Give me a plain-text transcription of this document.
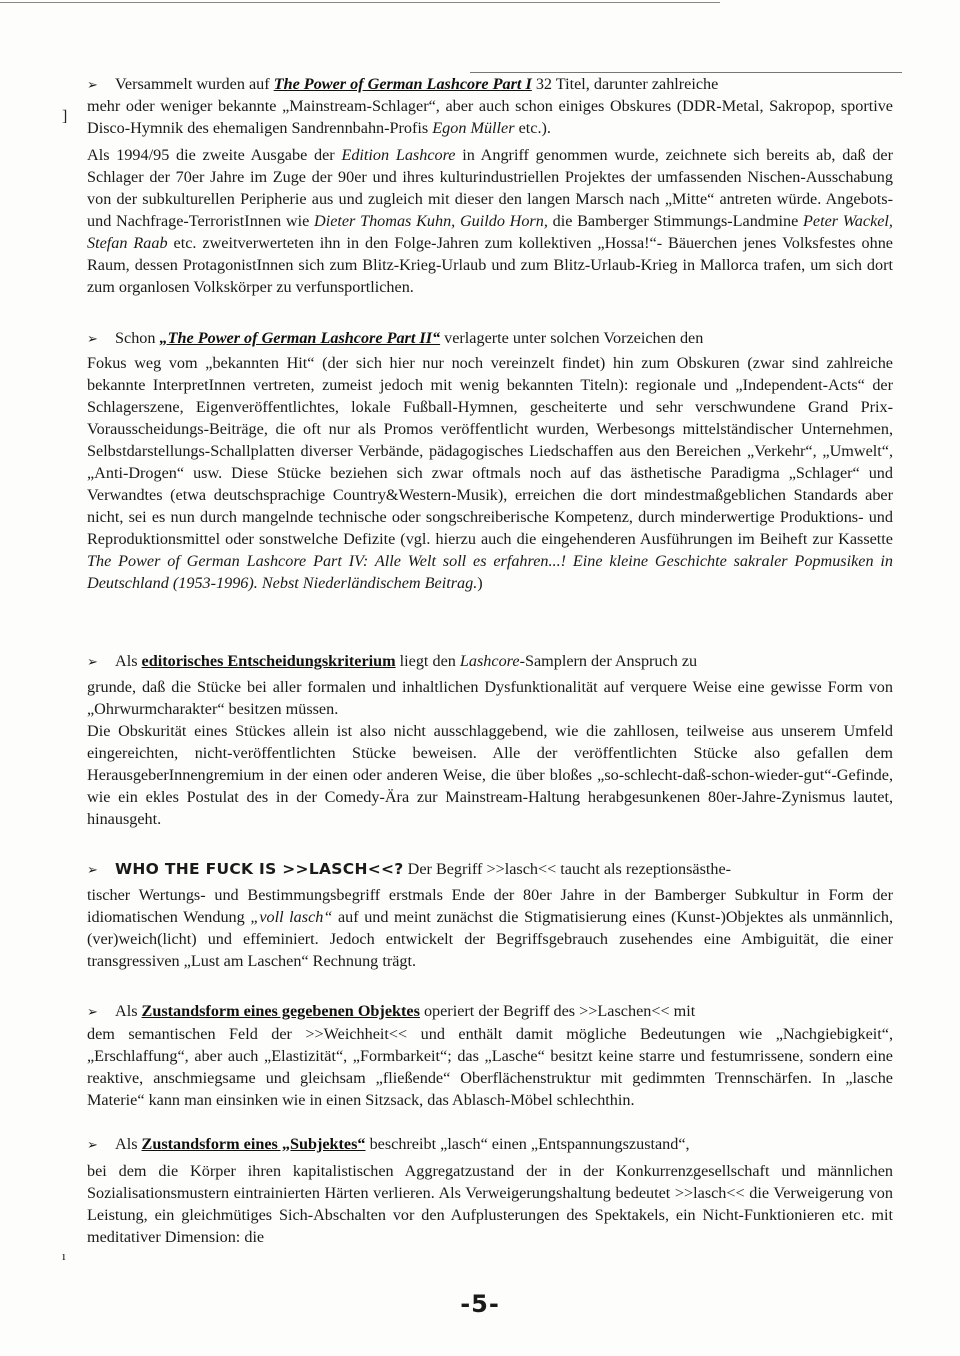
]
ı
➢ Versammelt wurden auf The Power of German Lashcore Part I 32 Titel, darunter zahlreiche
mehr oder weniger bekannte „Mainstream-Schlager“, aber auch schon einiges Obskures (DDR-Metal, Sakropop, sportive Disco-Hymnik des ehemaligen Sandrennbahn-Profis Egon Müller etc.).
Als 1994/95 die zweite Ausgabe der Edition Lashcore in Angriff genommen wurde, zeichnete sich bereits ab, daß der Schlager der 70er Jahre im Zuge der 90er und ihres kulturindustriellen Projektes der umfassenden Nischen-Ausschabung von der subkulturellen Peripherie aus und zugleich mit dieser den langen Marsch nach „Mitte“ antreten würde. Angebots- und Nachfrage-TerroristInnen wie Dieter Thomas Kuhn, Guildo Horn, die Bamberger Stimmungs-Landmine Peter Wackel, Stefan Raab etc. zweitverwerteten ihn in den Folge-Jahren zum kollektiven „Hossa!“- Bäuerchen jenes Volksfestes ohne Raum, dessen ProtagonistInnen sich zum Blitz-Krieg-Urlaub und zum Blitz-Urlaub-Krieg in Mallorca trafen, um sich dort zum organlosen Volkskörper zu verfunsportlichen.
➢ Schon „The Power of German Lashcore Part II“ verlagerte unter solchen Vorzeichen den
Fokus weg vom „bekannten Hit“ (der sich hier nur noch vereinzelt findet) hin zum Obskuren (zwar sind zahlreiche bekannte InterpretInnen vertreten, zumeist jedoch mit wenig bekannten Titeln): regionale und „Independent-Acts“ der Schlagerszene, Eigenveröffentlichtes, lokale Fußball-Hymnen, gescheiterte und sehr verschwundene Grand Prix-Vorausscheidungs-Beiträge, die oft nur als Promos veröffentlicht wurden, Werbesongs mittelständischer Unternehmen, Selbstdarstellungs-Schallplatten diverser Verbände, pädagogisches Liedschaffen aus den Bereichen „Verkehr“, „Umwelt“, „Anti-Drogen“ usw. Diese Stücke beziehen sich zwar oftmals noch auf das ästhetische Paradigma „Schlager“ und Verwandtes (etwa deutschsprachige Country&Western-Musik), erreichen die dort mindestmaßgeblichen Standards aber nicht, sei es nun durch mangelnde technische oder songschreiberische Kompetenz, durch minderwertige Produktions- und Reproduktionsmittel oder sonstwelche Defizite (vgl. hierzu auch die eingehenderen Ausführungen im Beiheft zur Kassette The Power of German Lashcore Part IV: Alle Welt soll es erfahren...! Eine kleine Geschichte sakraler Popmusiken in Deutschland (1953-1996). Nebst Niederländischem Beitrag.)
➢ Als editorisches Entscheidungskriterium liegt den Lashcore-Samplern der Anspruch zu
grunde, daß die Stücke bei aller formalen und inhaltlichen Dysfunktionalität auf verquere Weise eine gewisse Form von „Ohrwurmcharakter“ besitzen müssen.
Die Obskurität eines Stückes allein ist also nicht ausschlaggebend, wie die zahllosen, teilweise aus unserem Umfeld eingereichten, nicht-veröffentlichten Stücke beweisen. Alle der veröffentlichten Stücke also gefallen dem HerausgeberInnengremium in der einen oder anderen Weise, die über bloßes „so-schlecht-daß-schon-wieder-gut“-Gefinde, wie ein ekles Postulat des in der Comedy-Ära zur Mainstream-Haltung herabgesunkenen 80er-Jahre-Zynismus lautet, hinausgeht.
➢ WHO THE FUCK IS >>LASCH<<? Der Begriff >>lasch<< taucht als rezeptionsästhe-
tischer Wertungs- und Bestimmungsbegriff erstmals Ende der 80er Jahre in der Bamberger Subkultur in Form der idiomatischen Wendung „voll lasch“ auf und meint zunächst die Stigmatisierung eines (Kunst-)Objektes als unmännlich, (ver)weich(licht) und effeminiert. Jedoch entwickelt der Begriffsgebrauch zusehendes eine Ambiguität, die einer transgressiven „Lust am Laschen“ Rechnung trägt.
➢ Als Zustandsform eines gegebenen Objektes operiert der Begriff des >>Laschen<< mit
dem semantischen Feld der >>Weichheit<< und enthält damit mögliche Bedeutungen wie „Nachgiebigkeit“, „Erschlaffung“, aber auch „Elastizität“, „Formbarkeit“; das „Lasche“ besitzt keine starre und festumrissene, sondern eine reaktive, anschmiegsame und gleichsam „fließende“ Oberflächenstruktur mit gedimmten Trennschärfen. In „lasche Materie“ kann man einsinken wie in einen Sitzsack, das Ablasch-Möbel schlechthin.
➢ Als Zustandsform eines „Subjektes“ beschreibt „lasch“ einen „Entspannungszustand“,
bei dem die Körper ihren kapitalistischen Aggregatzustand der in der Konkurrenzgesellschaft und männlichen Sozialisationsmustern eintrainierten Härten verlieren. Als Verweigerungshaltung bedeutet >>lasch<< die Verweigerung von Leistung, ein gleichmütiges Sich-Abschalten vor den Aufplusterungen des Spektakels, ein Nicht-Funktionieren etc. mit meditativer Dimension: die
-5-
